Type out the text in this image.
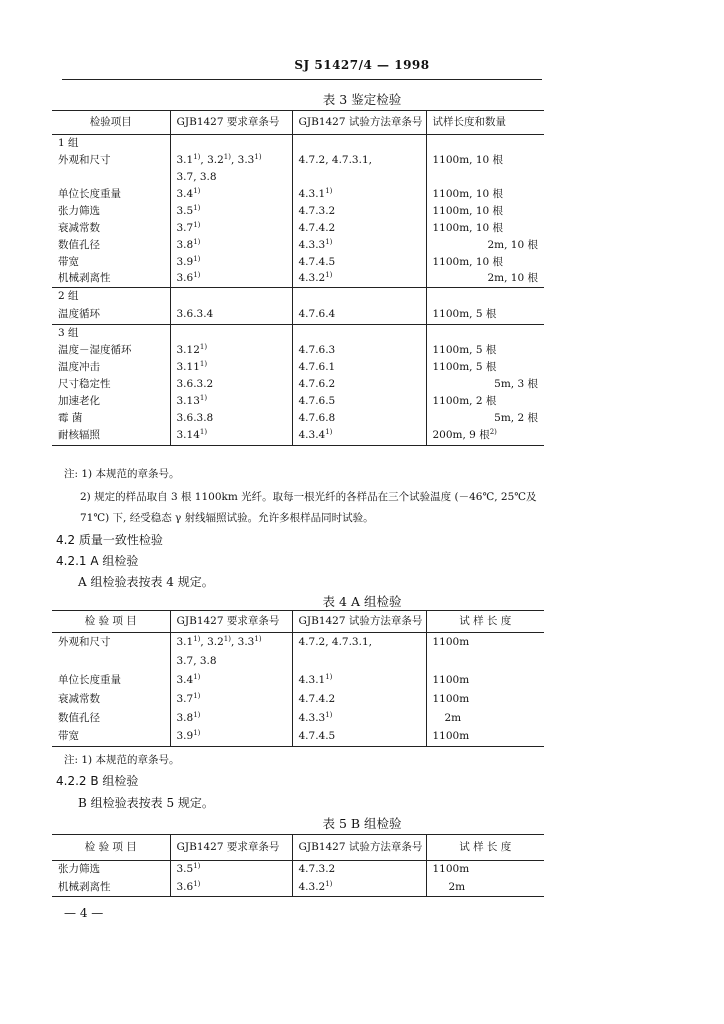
SJ 51427/4 — 1998
表 3 鉴定检验
检验项目	GJB1427 要求章条号	GJB1427 试验方法章条号	试样长度和数量
1 组			
外观和尺寸	3.1$^{1)}$, 3.2$^{1)}$, 3.3$^{1)}$	4.7.2, 4.7.3.1,	1100m, 10 根
	3.7, 3.8		
单位长度重量	3.4$^{1)}$	4.3.1$^{1)}$	1100m, 10 根
张力筛选	3.5$^{1)}$	4.7.3.2	1100m, 10 根
衰减常数	3.7$^{1)}$	4.7.4.2	1100m, 10 根
数值孔径	3.8$^{1)}$	4.3.3$^{1)}$	2m, 10 根
带宽	3.9$^{1)}$	4.7.4.5	1100m, 10 根
机械剥离性	3.6$^{1)}$	4.3.2$^{1)}$	2m, 10 根
2 组			
温度循环	3.6.3.4	4.7.6.4	1100m, 5 根
3 组			
温度－湿度循环	3.12$^{1)}$	4.7.6.3	1100m, 5 根
温度冲击	3.11$^{1)}$	4.7.6.1	1100m, 5 根
尺寸稳定性	3.6.3.2	4.7.6.2	5m, 3 根
加速老化	3.13$^{1)}$	4.7.6.5	1100m, 2 根
霉 菌	3.6.3.8	4.7.6.8	5m, 2 根
耐核辐照	3.14$^{1)}$	4.3.4$^{1)}$	200m, 9 根$^{2)}$
注: 1) 本规范的章条号。
2) 规定的样品取自 3 根 1100km 光纤。取每一根光纤的各样品在三个试验温度 (－46℃, 25℃及
71℃) 下, 经受稳态 γ 射线辐照试验。允许多根样品同时试验。
4.2 质量一致性检验
4.2.1 A 组检验
A 组检验表按表 4 规定。
表 4 A 组检验
检 验 项 目	GJB1427 要求章条号	GJB1427 试验方法章条号	试 样 长 度
外观和尺寸	3.1$^{1)}$, 3.2$^{1)}$, 3.3$^{1)}$	4.7.2, 4.7.3.1,	1100m
	3.7, 3.8		
单位长度重量	3.4$^{1)}$	4.3.1$^{1)}$	1100m
衰减常数	3.7$^{1)}$	4.7.4.2	1100m
数值孔径	3.8$^{1)}$	4.3.3$^{1)}$	2m
带宽	3.9$^{1)}$	4.7.4.5	1100m
注: 1) 本规范的章条号。
4.2.2 B 组检验
B 组检验表按表 5 规定。
表 5 B 组检验
检 验 项 目	GJB1427 要求章条号	GJB1427 试验方法章条号	试 样 长 度
张力筛选	3.5$^{1)}$	4.7.3.2	1100m
机械剥离性	3.6$^{1)}$	4.3.2$^{1)}$	2m
— 4 —
